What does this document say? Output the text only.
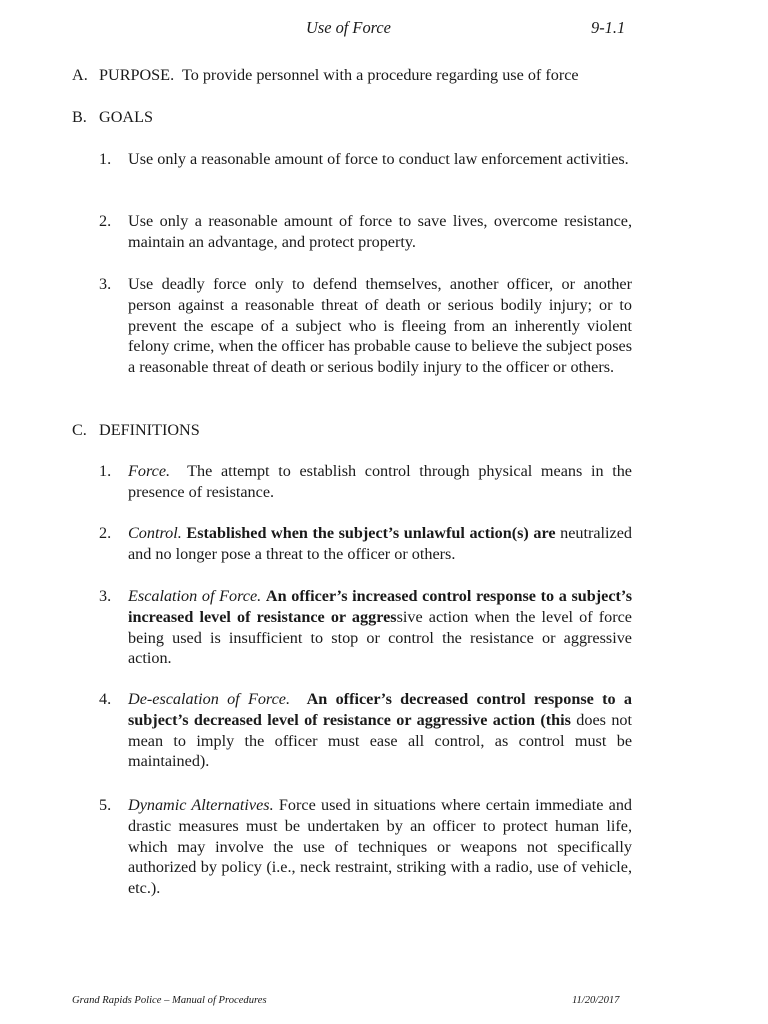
Use of Force	9-1.1
A. PURPOSE. To provide personnel with a procedure regarding use of force
B. GOALS
1. Use only a reasonable amount of force to conduct law enforcement activities.
2. Use only a reasonable amount of force to save lives, overcome resistance, maintain an advantage, and protect property.
3. Use deadly force only to defend themselves, another officer, or another person against a reasonable threat of death or serious bodily injury; or to prevent the escape of a subject who is fleeing from an inherently violent felony crime, when the officer has probable cause to believe the subject poses a reasonable threat of death or serious bodily injury to the officer or others.
C. DEFINITIONS
1. Force. The attempt to establish control through physical means in the presence of resistance.
2. Control. Established when the subject’s unlawful action(s) are neutralized and no longer pose a threat to the officer or others.
3. Escalation of Force. An officer’s increased control response to a subject’s increased level of resistance or aggressive action when the level of force being used is insufficient to stop or control the resistance or aggressive action.
4. De-escalation of Force. An officer’s decreased control response to a subject’s decreased level of resistance or aggressive action (this does not mean to imply the officer must ease all control, as control must be maintained).
5. Dynamic Alternatives. Force used in situations where certain immediate and drastic measures must be undertaken by an officer to protect human life, which may involve the use of techniques or weapons not specifically authorized by policy (i.e., neck restraint, striking with a radio, use of vehicle, etc.).
Grand Rapids Police – Manual of Procedures	11/20/2017
